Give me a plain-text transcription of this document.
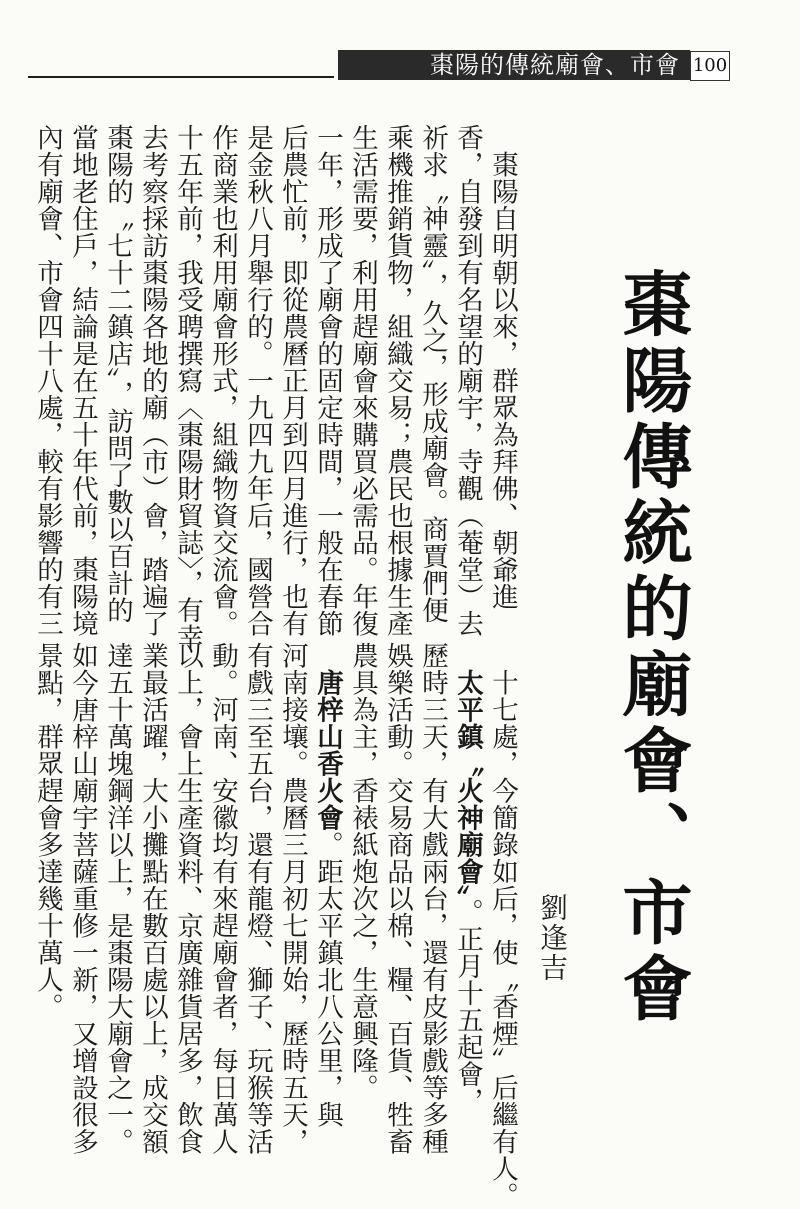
棗陽的傳統廟會、市會 100
棗陽傳統的廟會、市會
劉逢吉
　棗陽自明朝以來，群眾為拜佛、朝爺進
香，自發到有名望的廟宇，寺觀（菴堂）去
祈求〝神靈〞，久之，形成廟會。商賈們便
乘機推銷貨物，組織交易；農民也根據生產
生活需要，利用趕廟會來購買必需品。年復
一年，形成了廟會的固定時間，一般在春節
后農忙前，即從農曆正月到四月進行，也有
是金秋八月舉行的。一九四九年后，國營合
作商業也利用廟會形式，組織物資交流會。
十五年前，我受聘撰寫〈棗陽財貿誌〉，有幸
去考察採訪棗陽各地的廟（市）會，踏遍了
棗陽的〝七十二鎮店〞，訪問了數以百計的
當地老住戶，結論是在五十年代前，棗陽境
內有廟會、市會四十八處，較有影響的有三
　十七處，今簡錄如后，使〝香煙〞后繼有人。
　太平鎮〝火神廟會〞。正月十五起會，
歷時三天，有大戲兩台，還有皮影戲等多種
娛樂活動。交易商品以棉、糧、百貨、牲畜
農具為主，香裱紙炮次之，生意興隆。
　唐梓山香火會。距太平鎮北八公里，與
河南接壤。農曆三月初七開始，歷時五天，
有戲三至五台，還有龍燈、獅子、玩猴等活
動。河南、安徽均有來趕廟會者，每日萬人
以上，會上生產資料、京廣雜貨居多，飲食
業最活躍，大小攤點在數百處以上，成交額
達五十萬塊鋼洋以上，是棗陽大廟會之一。
如今唐梓山廟宇菩薩重修一新，又增設很多
景點，群眾趕會多達幾十萬人。
